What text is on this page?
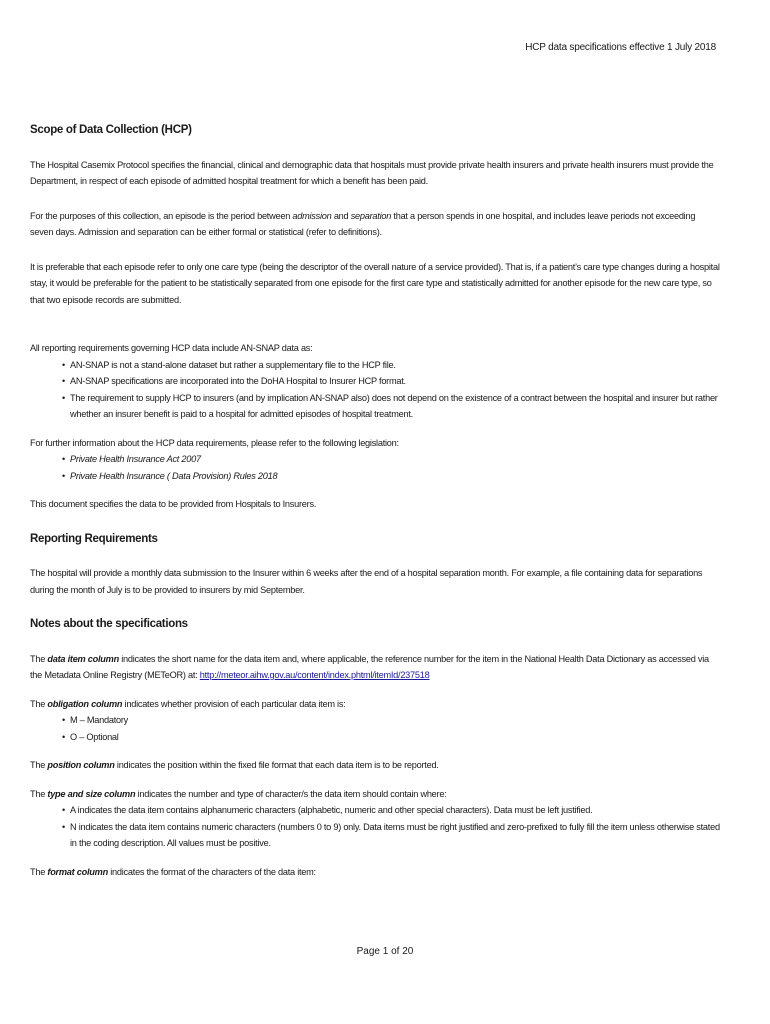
HCP data specifications effective 1 July 2018
Scope of Data Collection (HCP)

The Hospital Casemix Protocol specifies the financial, clinical and demographic data that hospitals must provide private health insurers and private health insurers must provide the Department, in respect of each episode of admitted hospital treatment for which a benefit has been paid.

For the purposes of this collection, an episode is the period between admission and separation that a person spends in one hospital, and includes leave periods not exceeding seven days. Admission and separation can be either formal or statistical (refer to definitions).

It is preferable that each episode refer to only one care type (being the descriptor of the overall nature of a service provided). That is, if a patient’s care type changes during a hospital stay, it would be preferable for the patient to be statistically separated from one episode for the first care type and statistically admitted for another episode for the new care type, so that two episode records are submitted.

All reporting requirements governing HCP data include AN-SNAP data as:

• AN-SNAP is not a stand-alone dataset but rather a supplementary file to the HCP file.
• AN-SNAP specifications are incorporated into the DoHA Hospital to Insurer HCP format.
• The requirement to supply HCP to insurers (and by implication AN-SNAP also) does not depend on the existence of a contract between the hospital and insurer but rather whether an insurer benefit is paid to a hospital for admitted episodes of hospital treatment.

For further information about the HCP data requirements, please refer to the following legislation:

• Private Health Insurance Act 2007
• Private Health Insurance ( Data Provision) Rules 2018

This document specifies the data to be provided from Hospitals to Insurers.

Reporting Requirements

The hospital will provide a monthly data submission to the Insurer within 6 weeks after the end of a hospital separation month. For example, a file containing data for separations during the month of July is to be provided to insurers by mid September.

Notes about the specifications

The data item column indicates the short name for the data item and, where applicable, the reference number for the item in the National Health Data Dictionary as accessed via the Metadata Online Registry (METeOR) at: http://meteor.aihw.gov.au/content/index.phtml/itemId/237518

The obligation column indicates whether provision of each particular data item is:

• M – Mandatory
• O – Optional

The position column indicates the position within the fixed file format that each data item is to be reported.

The type and size column indicates the number and type of character/s the data item should contain where:

• A indicates the data item contains alphanumeric characters (alphabetic, numeric and other special characters). Data must be left justified.
• N indicates the data item contains numeric characters (numbers 0 to 9) only. Data items must be right justified and zero-prefixed to fully fill the item unless otherwise stated in the coding description. All values must be positive.

The format column indicates the format of the characters of the data item:

Page 1 of 20
